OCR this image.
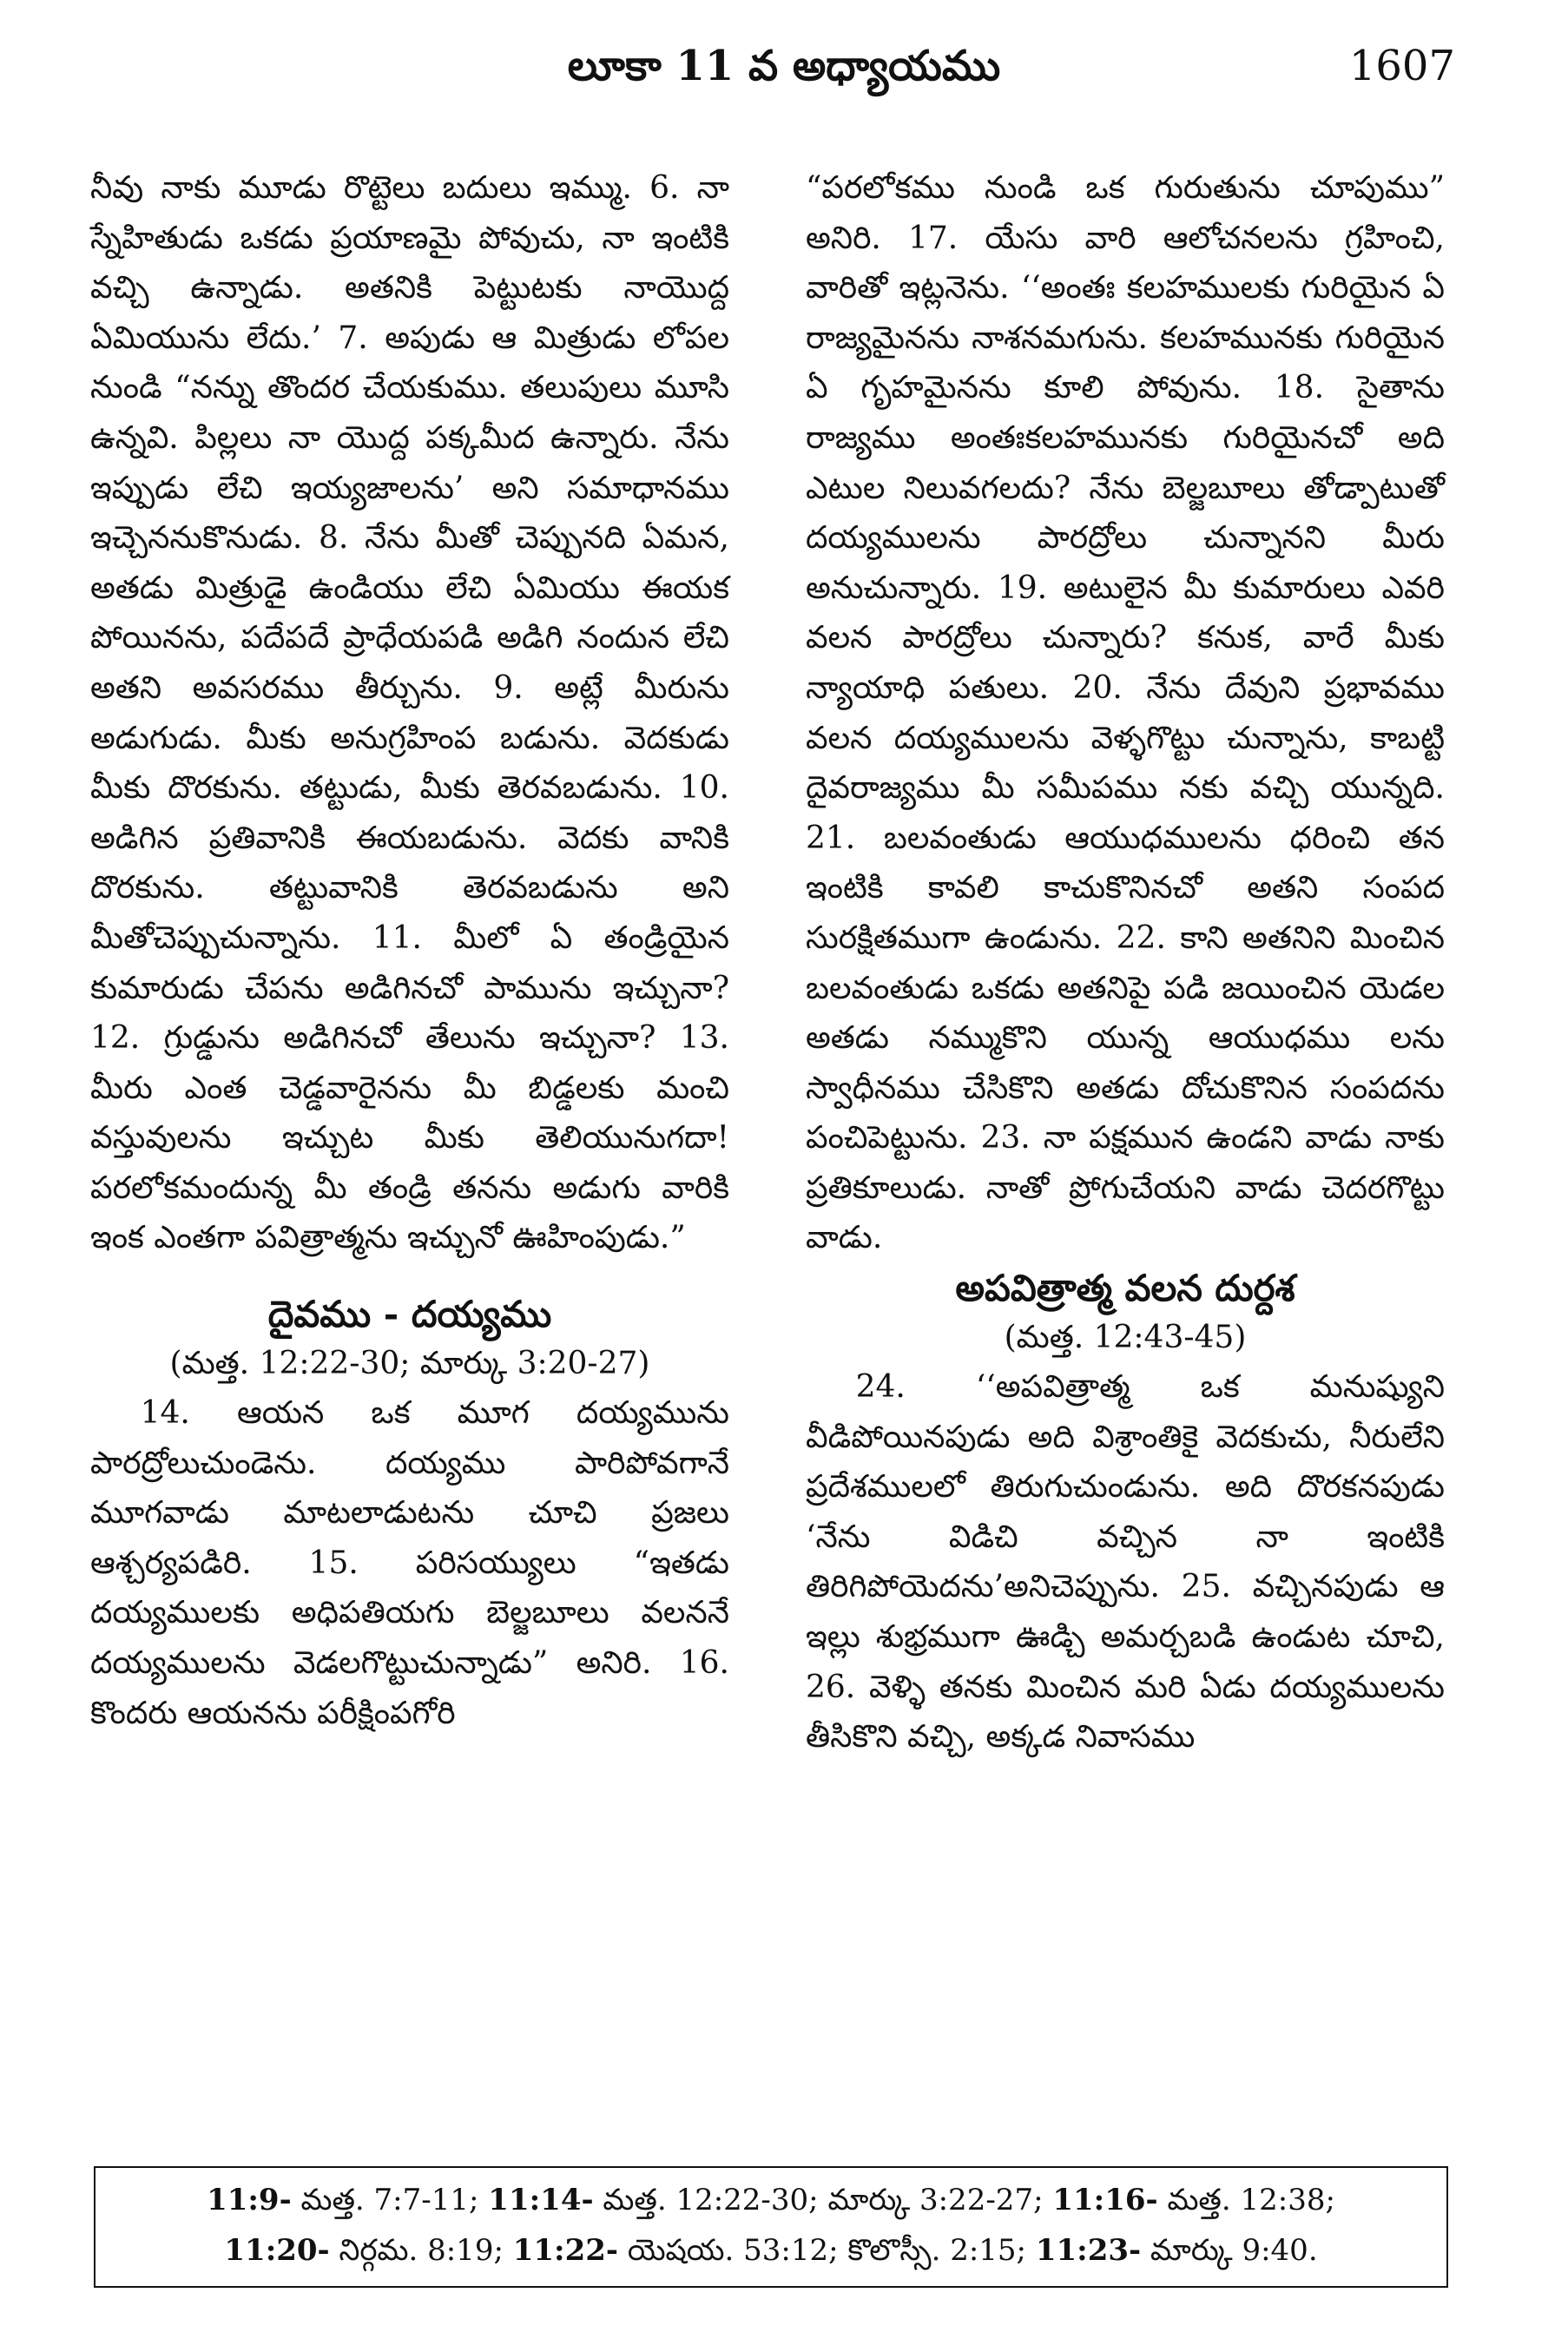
లూకా 11 వ అధ్యాయము	1607

నీవు నాకు మూడు రొట్టెలు బదులు ఇమ్ము. 6. నా స్నేహితుడు ఒకడు ప్రయాణమై పోవుచు, నా ఇంటికి వచ్చి ఉన్నాడు. అతనికి పెట్టుటకు నాయొద్ద ఏమియును లేదు.’ 7. అపుడు ఆ మిత్రుడు లోపల నుండి “నన్ను తొందర చేయకుము. తలుపులు మూసి ఉన్నవి. పిల్లలు నా యొద్ద పక్కమీద ఉన్నారు. నేను ఇప్పుడు లేచి ఇయ్యజాలను’ అని సమాధానము ఇచ్చెననుకొనుడు. 8. నేను మీతో చెప్పునది ఏమన, అతడు మిత్రుడై ఉండియు లేచి ఏమియు ఈయక పోయినను, పదేపదే ప్రాధేయపడి అడిగి నందున లేచి అతని అవసరము తీర్చును. 9. అట్లే మీరును అడుగుడు. మీకు అనుగ్రహింప బడును. వెదకుడు మీకు దొరకును. తట్టుడు, మీకు తెరవబడును. 10. అడిగిన ప్రతివానికి ఈయబడును. వెదకు వానికి దొరకును. తట్టువానికి తెరవబడును అని మీతోచెప్పుచున్నాను. 11. మీలో ఏ తండ్రియైన కుమారుడు చేపను అడిగినచో పామును ఇచ్చునా? 12. గ్రుడ్డును అడిగినచో తేలును ఇచ్చునా? 13. మీరు ఎంత చెడ్డవారైనను మీ బిడ్డలకు మంచి వస్తువులను ఇచ్చుట మీకు తెలియునుగదా! పరలోకమందున్న మీ తండ్రి తనను అడుగు వారికి ఇంక ఎంతగా పవిత్రాత్మను ఇచ్చునో ఊహింపుడు.”

దైవము - దయ్యము

(మత్త. 12:22-30; మార్కు 3:20-27)

14. ఆయన ఒక మూగ దయ్యమును పారద్రోలుచుండెను. దయ్యము పారిపోవగానే మూగవాడు మాటలాడుటను చూచి ప్రజలు ఆశ్చర్యపడిరి. 15. పరిసయ్యులు “ఇతడు దయ్యములకు అధిపతియగు బెల్జబూలు వలననే దయ్యములను వెడలగొట్టుచున్నాడు” అనిరి. 16. కొందరు ఆయనను పరీక్షింపగోరి

“పరలోకము నుండి ఒక గురుతును చూపుము” అనిరి. 17. యేసు వారి ఆలోచనలను గ్రహించి, వారితో ఇట్లనెను. ‘‘అంతః కలహములకు గురియైన ఏ రాజ్యమైనను నాశనమగును. కలహమునకు గురియైన ఏ గృహమైనను కూలి పోవును. 18. సైతాను రాజ్యము అంతఃకలహమునకు గురియైనచో అది ఎటుల నిలువగలదు? నేను బెల్జబూలు తోడ్పాటుతో దయ్యములను పారద్రోలు చున్నానని మీరు అనుచున్నారు. 19. అటులైన మీ కుమారులు ఎవరి వలన పారద్రోలు చున్నారు? కనుక, వారే మీకు న్యాయాధి పతులు. 20. నేను దేవుని ప్రభావము వలన దయ్యములను వెళ్ళగొట్టు చున్నాను, కాబట్టి దైవరాజ్యము మీ సమీపము నకు వచ్చి యున్నది. 21. బలవంతుడు ఆయుధములను ధరించి తన ఇంటికి కావలి కాచుకొనినచో అతని సంపద సురక్షితముగా ఉండును. 22. కాని అతనిని మించిన బలవంతుడు ఒకడు అతనిపై పడి జయించిన యెడల అతడు నమ్ముకొని యున్న ఆయుధము లను స్వాధీనము చేసికొని అతడు దోచుకొనిన సంపదను పంచిపెట్టును. 23. నా పక్షమున ఉండని వాడు నాకు ప్రతికూలుడు. నాతో ప్రోగుచేయని వాడు చెదరగొట్టు వాడు.

అపవిత్రాత్మ వలన దుర్దశ

(మత్త. 12:43-45)

24. ‘‘అపవిత్రాత్మ ఒక మనుష్యుని వీడిపోయినపుడు అది విశ్రాంతికై వెదకుచు, నీరులేని ప్రదేశములలో తిరుగుచుండును. అది దొరకనపుడు ‘నేను విడిచి వచ్చిన నా ఇంటికి తిరిగిపోయెదను’అనిచెప్పును. 25. వచ్చినపుడు ఆ ఇల్లు శుభ్రముగా ఊడ్చి అమర్చబడి ఉండుట చూచి, 26. వెళ్ళి తనకు మించిన మరి ఏడు దయ్యములను తీసికొని వచ్చి, అక్కడ నివాసము

11:9- మత్త. 7:7-11; 11:14- మత్త. 12:22-30; మార్కు 3:22-27; 11:16- మత్త. 12:38;
11:20- నిర్గమ. 8:19; 11:22- యెషయ. 53:12; కొలొస్సీ. 2:15; 11:23- మార్కు 9:40.
